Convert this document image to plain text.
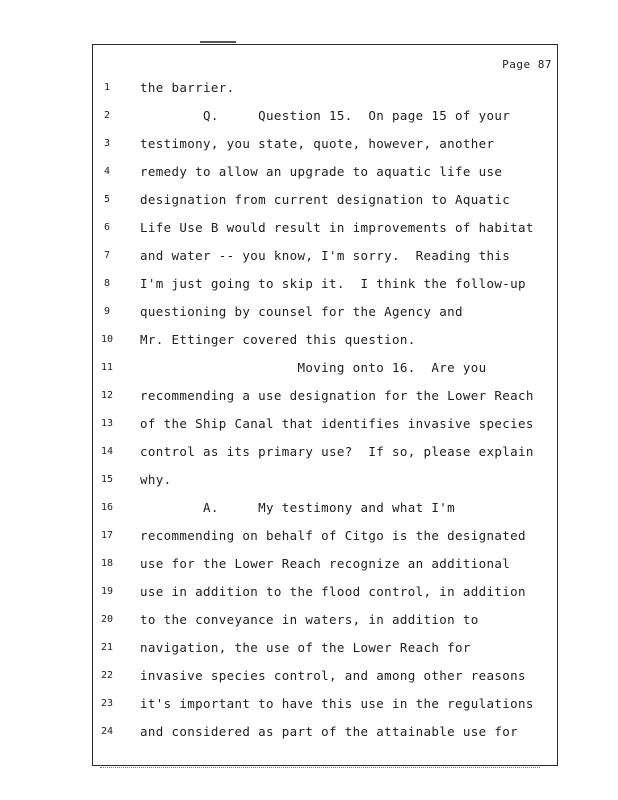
Page 87
1	the barrier.
2	Q.     Question 15.  On page 15 of your
3	testimony, you state, quote, however, another
4	remedy to allow an upgrade to aquatic life use
5	designation from current designation to Aquatic
6	Life Use B would result in improvements of habitat
7	and water -- you know, I'm sorry.  Reading this
8	I'm just going to skip it.  I think the follow-up
9	questioning by counsel for the Agency and
10	Mr. Ettinger covered this question.
11	Moving onto 16.  Are you
12	recommending a use designation for the Lower Reach
13	of the Ship Canal that identifies invasive species
14	control as its primary use?  If so, please explain
15	why.
16	A.     My testimony and what I'm
17	recommending on behalf of Citgo is the designated
18	use for the Lower Reach recognize an additional
19	use in addition to the flood control, in addition
20	to the conveyance in waters, in addition to
21	navigation, the use of the Lower Reach for
22	invasive species control, and among other reasons
23	it's important to have this use in the regulations
24	and considered as part of the attainable use for
